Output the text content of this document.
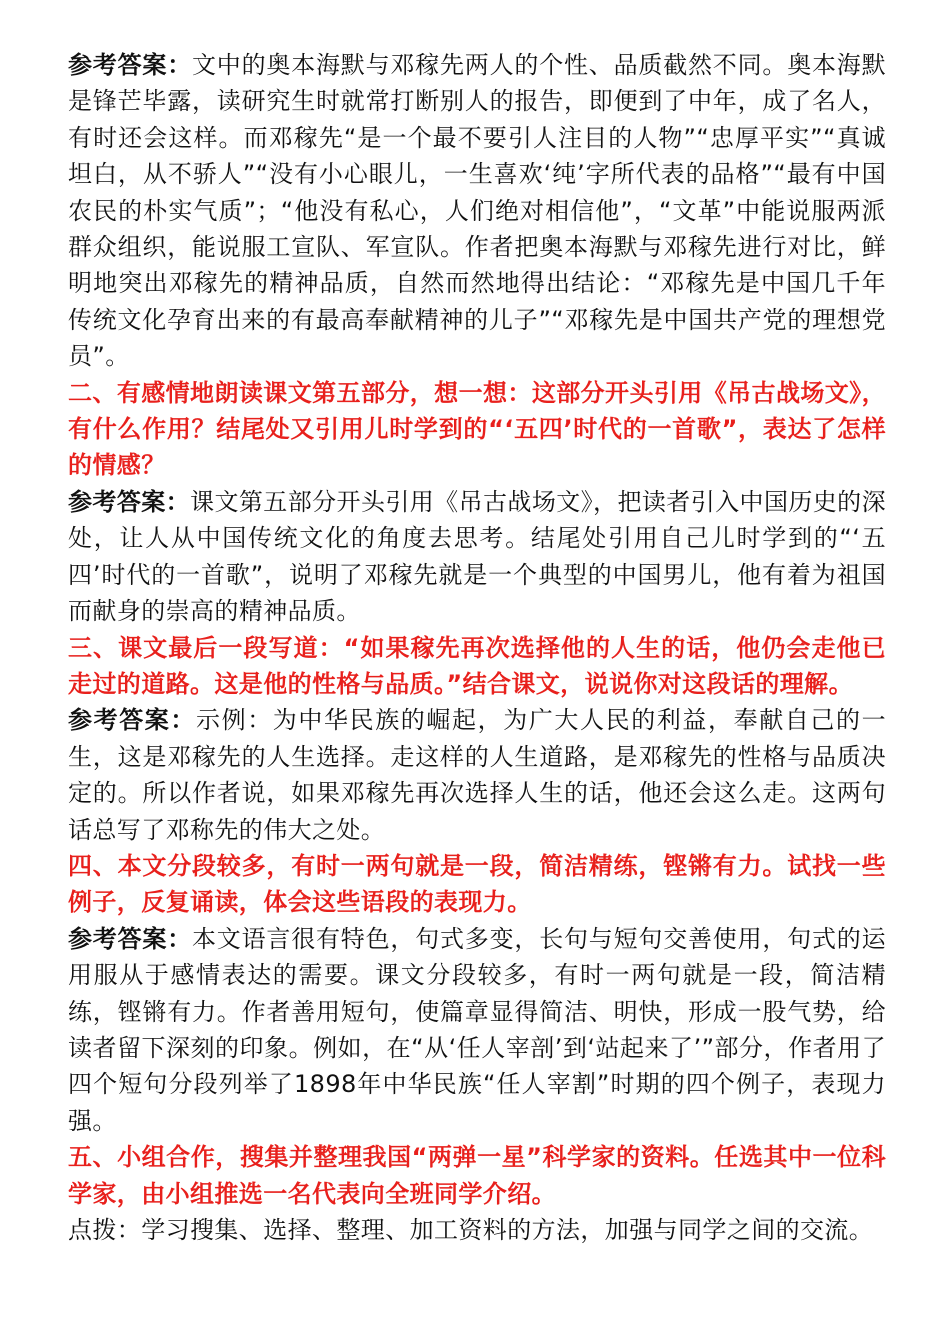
参考答案：文中的奥本海默与邓稼先两人的个性、品质截然不同。奥本海默是锋芒毕露，读研究生时就常打断别人的报告，即便到了中年，成了名人，有时还会这样。而邓稼先“是一个最不要引人注目的人物”“忠厚平实”“真诚坦白，从不骄人”“没有小心眼儿，一生喜欢‘纯’字所代表的品格”“最有中国农民的朴实气质”；“他没有私心，人们绝对相信他”，“文革”中能说服两派群众组织，能说服工宣队、军宣队。作者把奥本海默与邓稼先进行对比，鲜明地突出邓稼先的精神品质，自然而然地得出结论：“邓稼先是中国几千年传统文化孕育出来的有最高奉献精神的儿子”“邓稼先是中国共产党的理想党员”。

二、有感情地朗读课文第五部分，想一想：这部分开头引用《吊古战场文》，有什么作用？结尾处又引用儿时学到的“‘五四’时代的一首歌”，表达了怎样的情感？

参考答案：课文第五部分开头引用《吊古战场文》，把读者引入中国历史的深处，让人从中国传统文化的角度去思考。结尾处引用自己儿时学到的“‘五四’时代的一首歌”，说明了邓稼先就是一个典型的中国男儿，他有着为祖国而献身的崇高的精神品质。

三、课文最后一段写道：“如果稼先再次选择他的人生的话，他仍会走他已走过的道路。这是他的性格与品质。”结合课文，说说你对这段话的理解。

参考答案：示例：为中华民族的崛起，为广大人民的利益，奉献自己的一生，这是邓稼先的人生选择。走这样的人生道路，是邓稼先的性格与品质决定的。所以作者说，如果邓稼先再次选择人生的话，他还会这么走。这两句话总写了邓称先的伟大之处。

四、本文分段较多，有时一两句就是一段，简洁精练，铿锵有力。试找一些例子，反复诵读，体会这些语段的表现力。

参考答案：本文语言很有特色，句式多变，长句与短句交善使用，句式的运用服从于感情表达的需要。课文分段较多，有时一两句就是一段，简洁精练，铿锵有力。作者善用短句，使篇章显得简洁、明快，形成一股气势，给读者留下深刻的印象。例如，在“从‘任人宰剖’到‘站起来了’”部分，作者用了四个短句分段列举了1898年中华民族“任人宰割”时期的四个例子，表现力强。

五、小组合作，搜集并整理我国“两弹一星”科学家的资料。任选其中一位科学家，由小组推选一名代表向全班同学介绍。

点拨：学习搜集、选择、整理、加工资料的方法，加强与同学之间的交流。
